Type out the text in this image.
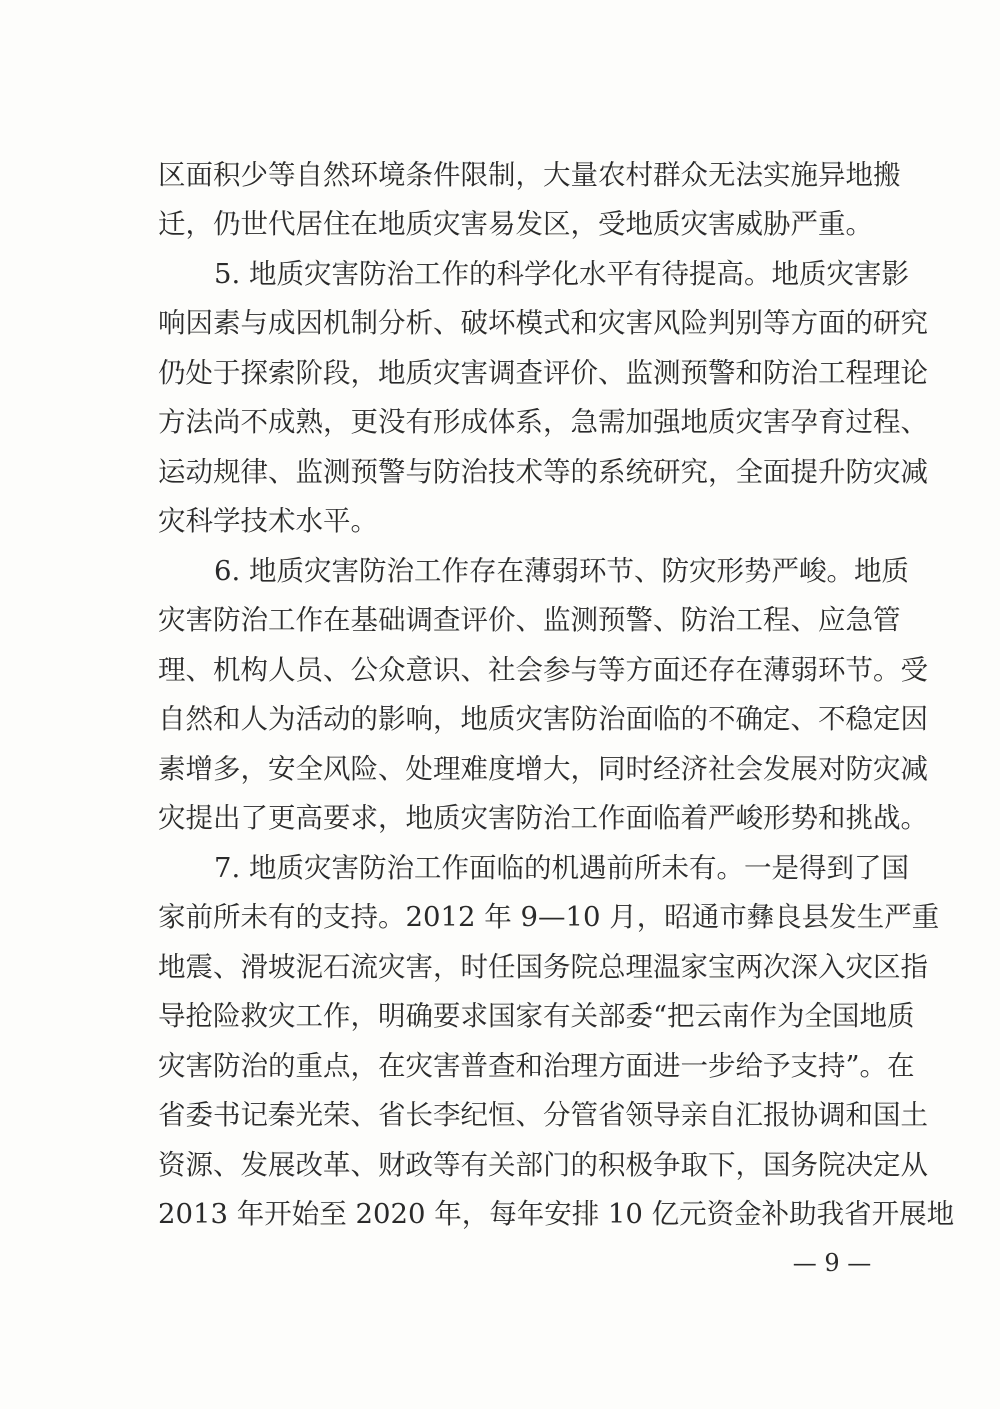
区面积少等自然环境条件限制，大量农村群众无法实施异地搬
迁，仍世代居住在地质灾害易发区，受地质灾害威胁严重。
5. 地质灾害防治工作的科学化水平有待提高。地质灾害影
响因素与成因机制分析、破坏模式和灾害风险判别等方面的研究
仍处于探索阶段，地质灾害调查评价、监测预警和防治工程理论
方法尚不成熟，更没有形成体系，急需加强地质灾害孕育过程、
运动规律、监测预警与防治技术等的系统研究，全面提升防灾减
灾科学技术水平。
6. 地质灾害防治工作存在薄弱环节、防灾形势严峻。地质
灾害防治工作在基础调查评价、监测预警、防治工程、应急管
理、机构人员、公众意识、社会参与等方面还存在薄弱环节。受
自然和人为活动的影响，地质灾害防治面临的不确定、不稳定因
素增多，安全风险、处理难度增大，同时经济社会发展对防灾减
灾提出了更高要求，地质灾害防治工作面临着严峻形势和挑战。
7. 地质灾害防治工作面临的机遇前所未有。一是得到了国
家前所未有的支持。2012 年 9—10 月，昭通市彝良县发生严重
地震、滑坡泥石流灾害，时任国务院总理温家宝两次深入灾区指
导抢险救灾工作，明确要求国家有关部委“把云南作为全国地质
灾害防治的重点，在灾害普查和治理方面进一步给予支持”。在
省委书记秦光荣、省长李纪恒、分管省领导亲自汇报协调和国土
资源、发展改革、财政等有关部门的积极争取下，国务院决定从
2013 年开始至 2020 年，每年安排 10 亿元资金补助我省开展地
— 9 —
